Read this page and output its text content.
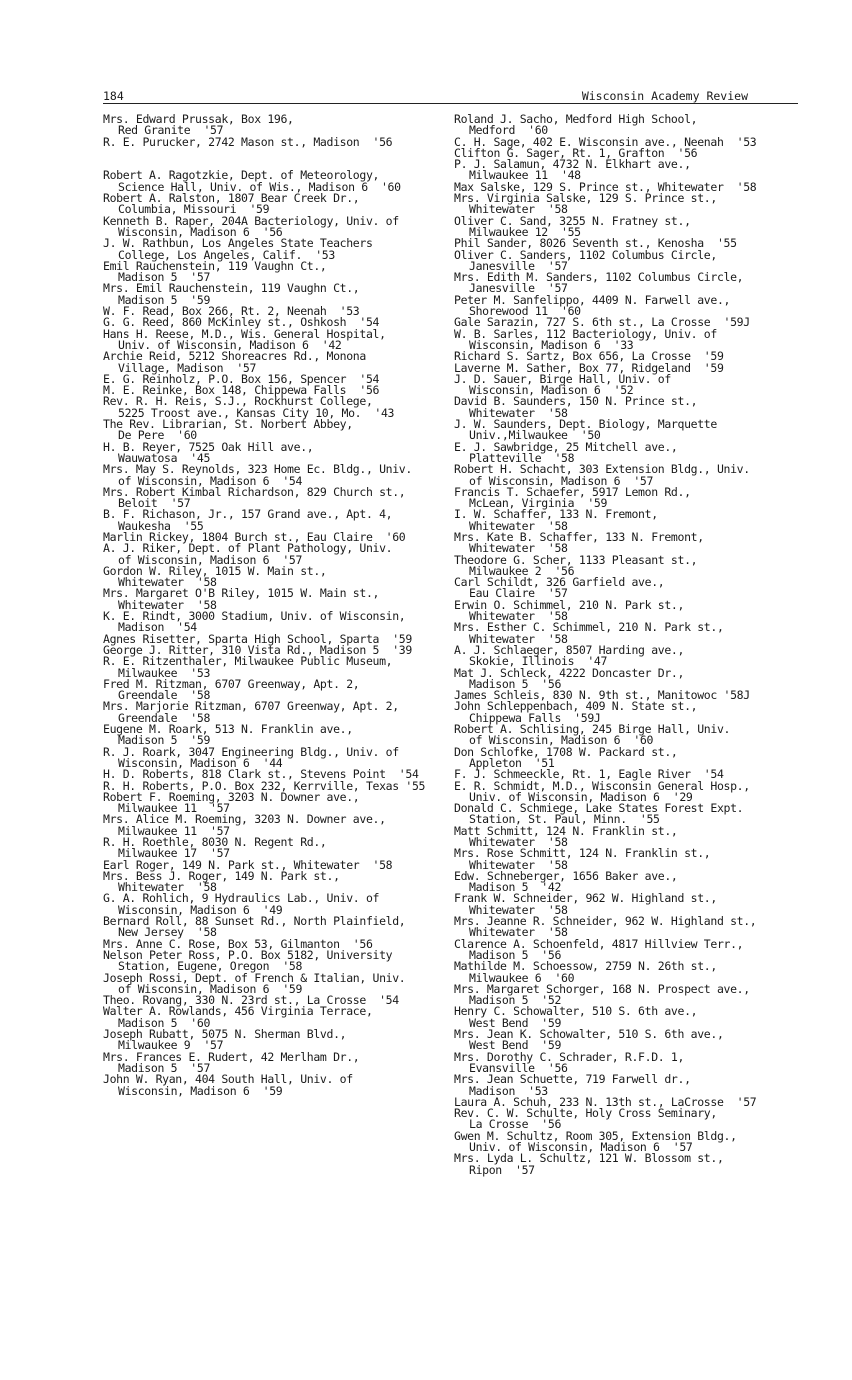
184	Wisconsin Academy Review
Mrs. Edward Prussak, Box 196,
Red Granite  '57
R. E. Purucker, 2742 Mason st., Madison  '56
Robert A. Ragotzkie, Dept. of Meteorology,
Science Hall, Univ. of Wis., Madison 6  '60
Robert A. Ralston, 1807 Bear Creek Dr.,
Columbia, Missouri  '59
Kenneth B. Raper, 204A Bacteriology, Univ. of
Wisconsin, Madison 6  '56
J. W. Rathbun, Los Angeles State Teachers
College, Los Angeles, Calif.  '53
Emil Rauchenstein, 119 Vaughn Ct.,
Madison 5  '57
Mrs. Emil Rauchenstein, 119 Vaughn Ct.,
Madison 5  '59
W. F. Read, Box 266, Rt. 2, Neenah  '53
G. G. Reed, 860 McKinley st., Oshkosh  '54
Hans H. Reese, M.D., Wis. General Hospital,
Univ. of Wisconsin, Madison 6  '42
Archie Reid, 5212 Shoreacres Rd., Monona
Village, Madison  '57
E. G. Reinholz, P.O. Box 156, Spencer  '54
M. E. Reinke, Box 148, Chippewa Falls  '56
Rev. R. H. Reis, S.J., Rockhurst College,
5225 Troost ave., Kansas City 10, Mo.  '43
The Rev. Librarian, St. Norbert Abbey,
De Pere  '60
H. B. Reyer, 7525 Oak Hill ave.,
Wauwatosa  '45
Mrs. May S. Reynolds, 323 Home Ec. Bldg., Univ.
of Wisconsin, Madison 6  '54
Mrs. Robert Kimbal Richardson, 829 Church st.,
Beloit  '57
B. F. Richason, Jr., 157 Grand ave., Apt. 4,
Waukesha  '55
Marlin Rickey, 1804 Burch st., Eau Claire  '60
A. J. Riker, Dept. of Plant Pathology, Univ.
of Wisconsin, Madison 6  '57
Gordon W. Riley, 1015 W. Main st.,
Whitewater  '58
Mrs. Margaret O'B Riley, 1015 W. Main st.,
Whitewater  '58
K. E. Rindt, 3000 Stadium, Univ. of Wisconsin,
Madison  '54
Agnes Risetter, Sparta High School, Sparta  '59
George J. Ritter, 310 Vista Rd., Madison 5  '39
R. E. Ritzenthaler, Milwaukee Public Museum,
Milwaukee  '53
Fred M. Ritzman, 6707 Greenway, Apt. 2,
Greendale  '58
Mrs. Marjorie Ritzman, 6707 Greenway, Apt. 2,
Greendale  '58
Eugene M. Roark, 513 N. Franklin ave.,
Madison 5  '59
R. J. Roark, 3047 Engineering Bldg., Univ. of
Wisconsin, Madison 6  '44
H. D. Roberts, 818 Clark st., Stevens Point  '54
R. H. Roberts, P.O. Box 232, Kerrville, Texas '55
Robert F. Roeming, 3203 N. Downer ave.,
Milwaukee 11  '57
Mrs. Alice M. Roeming, 3203 N. Downer ave.,
Milwaukee 11  '57
R. H. Roethle, 8030 N. Regent Rd.,
Milwaukee 17  '57
Earl Roger, 149 N. Park st., Whitewater  '58
Mrs. Bess J. Roger, 149 N. Park st.,
Whitewater  '58
G. A. Rohlich, 9 Hydraulics Lab., Univ. of
Wisconsin, Madison 6  '49
Bernard Roll, 88 Sunset Rd., North Plainfield,
New Jersey  '58
Mrs. Anne C. Rose, Box 53, Gilmanton  '56
Nelson Peter Ross, P.O. Box 5182, University
Station, Eugene, Oregon  '58
Joseph Rossi, Dept. of French & Italian, Univ.
of Wisconsin, Madison 6  '59
Theo. Rovang, 330 N. 23rd st., La Crosse  '54
Walter A. Rowlands, 456 Virginia Terrace,
Madison 5  '60
Joseph Rubatt, 5075 N. Sherman Blvd.,
Milwaukee 9  '57
Mrs. Frances E. Rudert, 42 Merlham Dr.,
Madison 5  '57
John W. Ryan, 404 South Hall, Univ. of
Wisconsin, Madison 6  '59
Roland J. Sacho, Medford High School,
Medford  '60
C. H. Sage, 402 E. Wisconsin ave., Neenah  '53
Clifton G. Sager, Rt. 1, Grafton  '56
P. J. Salamun, 4732 N. Elkhart ave.,
Milwaukee 11  '48
Max Salske, 129 S. Prince st., Whitewater  '58
Mrs. Virginia Salske, 129 S. Prince st.,
Whitewater  '58
Oliver C. Sand, 3255 N. Fratney st.,
Milwaukee 12  '55
Phil Sander, 8026 Seventh st., Kenosha  '55
Oliver C. Sanders, 1102 Columbus Circle,
Janesville  '57
Mrs. Edith M. Sanders, 1102 Columbus Circle,
Janesville  '57
Peter M. Sanfelippo, 4409 N. Farwell ave.,
Shorewood 11  '60
Gale Sarazin, 727 S. 6th st., La Crosse  '59J
W. B. Sarles, 112 Bacteriology, Univ. of
Wisconsin, Madison 6  '33
Richard S. Sartz, Box 656, La Crosse  '59
Laverne M. Sather, Box 77, Ridgeland  '59
J. D. Sauer, Birge Hall, Univ. of
Wisconsin, Madison 6  '52
David B. Saunders, 150 N. Prince st.,
Whitewater  '58
J. W. Saunders, Dept. Biology, Marquette
Univ.,Milwaukee  '50
E. J. Sawbridge, 25 Mitchell ave.,
Platteville  '58
Robert H. Schacht, 303 Extension Bldg., Univ.
of Wisconsin, Madison 6  '57
Francis T. Schaefer, 5917 Lemon Rd.,
McLean, Virginia  '59
I. W. Schaffer, 133 N. Fremont,
Whitewater  '58
Mrs. Kate B. Schaffer, 133 N. Fremont,
Whitewater  '58
Theodore G. Scher, 1133 Pleasant st.,
Milwaukee 2  '56
Carl Schildt, 326 Garfield ave.,
Eau Claire  '57
Erwin O. Schimmel, 210 N. Park st.,
Whitewater  '58
Mrs. Esther C. Schimmel, 210 N. Park st.,
Whitewater  '58
A. J. Schlaeger, 8507 Harding ave.,
Skokie, Illinois  '47
Mat J. Schleck, 4222 Doncaster Dr.,
Madison 5  '56
James Schleis, 830 N. 9th st., Manitowoc '58J
John Schleppenbach, 409 N. State st.,
Chippewa Falls  '59J
Robert A. Schlising, 245 Birge Hall, Univ.
of Wisconsin, Madison 6  '60
Don Schlofke, 1708 W. Packard st.,
Appleton  '51
F. J. Schmeeckle, Rt. 1, Eagle River  '54
E. R. Schmidt, M.D., Wisconsin General Hosp.,
Univ. of Wisconsin, Madison 6  '29
Donald C. Schmiege, Lake States Forest Expt.
Station, St. Paul, Minn.  '55
Matt Schmitt, 124 N. Franklin st.,
Whitewater  '58
Mrs. Rose Schmitt, 124 N. Franklin st.,
Whitewater  '58
Edw. Schneberger, 1656 Baker ave.,
Madison 5  '42
Frank W. Schneider, 962 W. Highland st.,
Whitewater  '58
Mrs. Jeanne R. Schneider, 962 W. Highland st.,
Whitewater  '58
Clarence A. Schoenfeld, 4817 Hillview Terr.,
Madison 5  '56
Mathilde M. Schoessow, 2759 N. 26th st.,
Milwaukee 6  '60
Mrs. Margaret Schorger, 168 N. Prospect ave.,
Madison 5  '52
Henry C. Schowalter, 510 S. 6th ave.,
West Bend  '59
Mrs. Jean K. Schowalter, 510 S. 6th ave.,
West Bend  '59
Mrs. Dorothy C. Schrader, R.F.D. 1,
Evansville  '56
Mrs. Jean Schuette, 719 Farwell dr.,
Madison  '53
Laura A. Schuh, 233 N. 13th st., LaCrosse  '57
Rev. C. W. Schulte, Holy Cross Seminary,
La Crosse  '56
Gwen M. Schultz, Room 305, Extension Bldg.,
Univ. of Wisconsin, Madison 6  '57
Mrs. Lyda L. Schultz, 121 W. Blossom st.,
Ripon  '57
